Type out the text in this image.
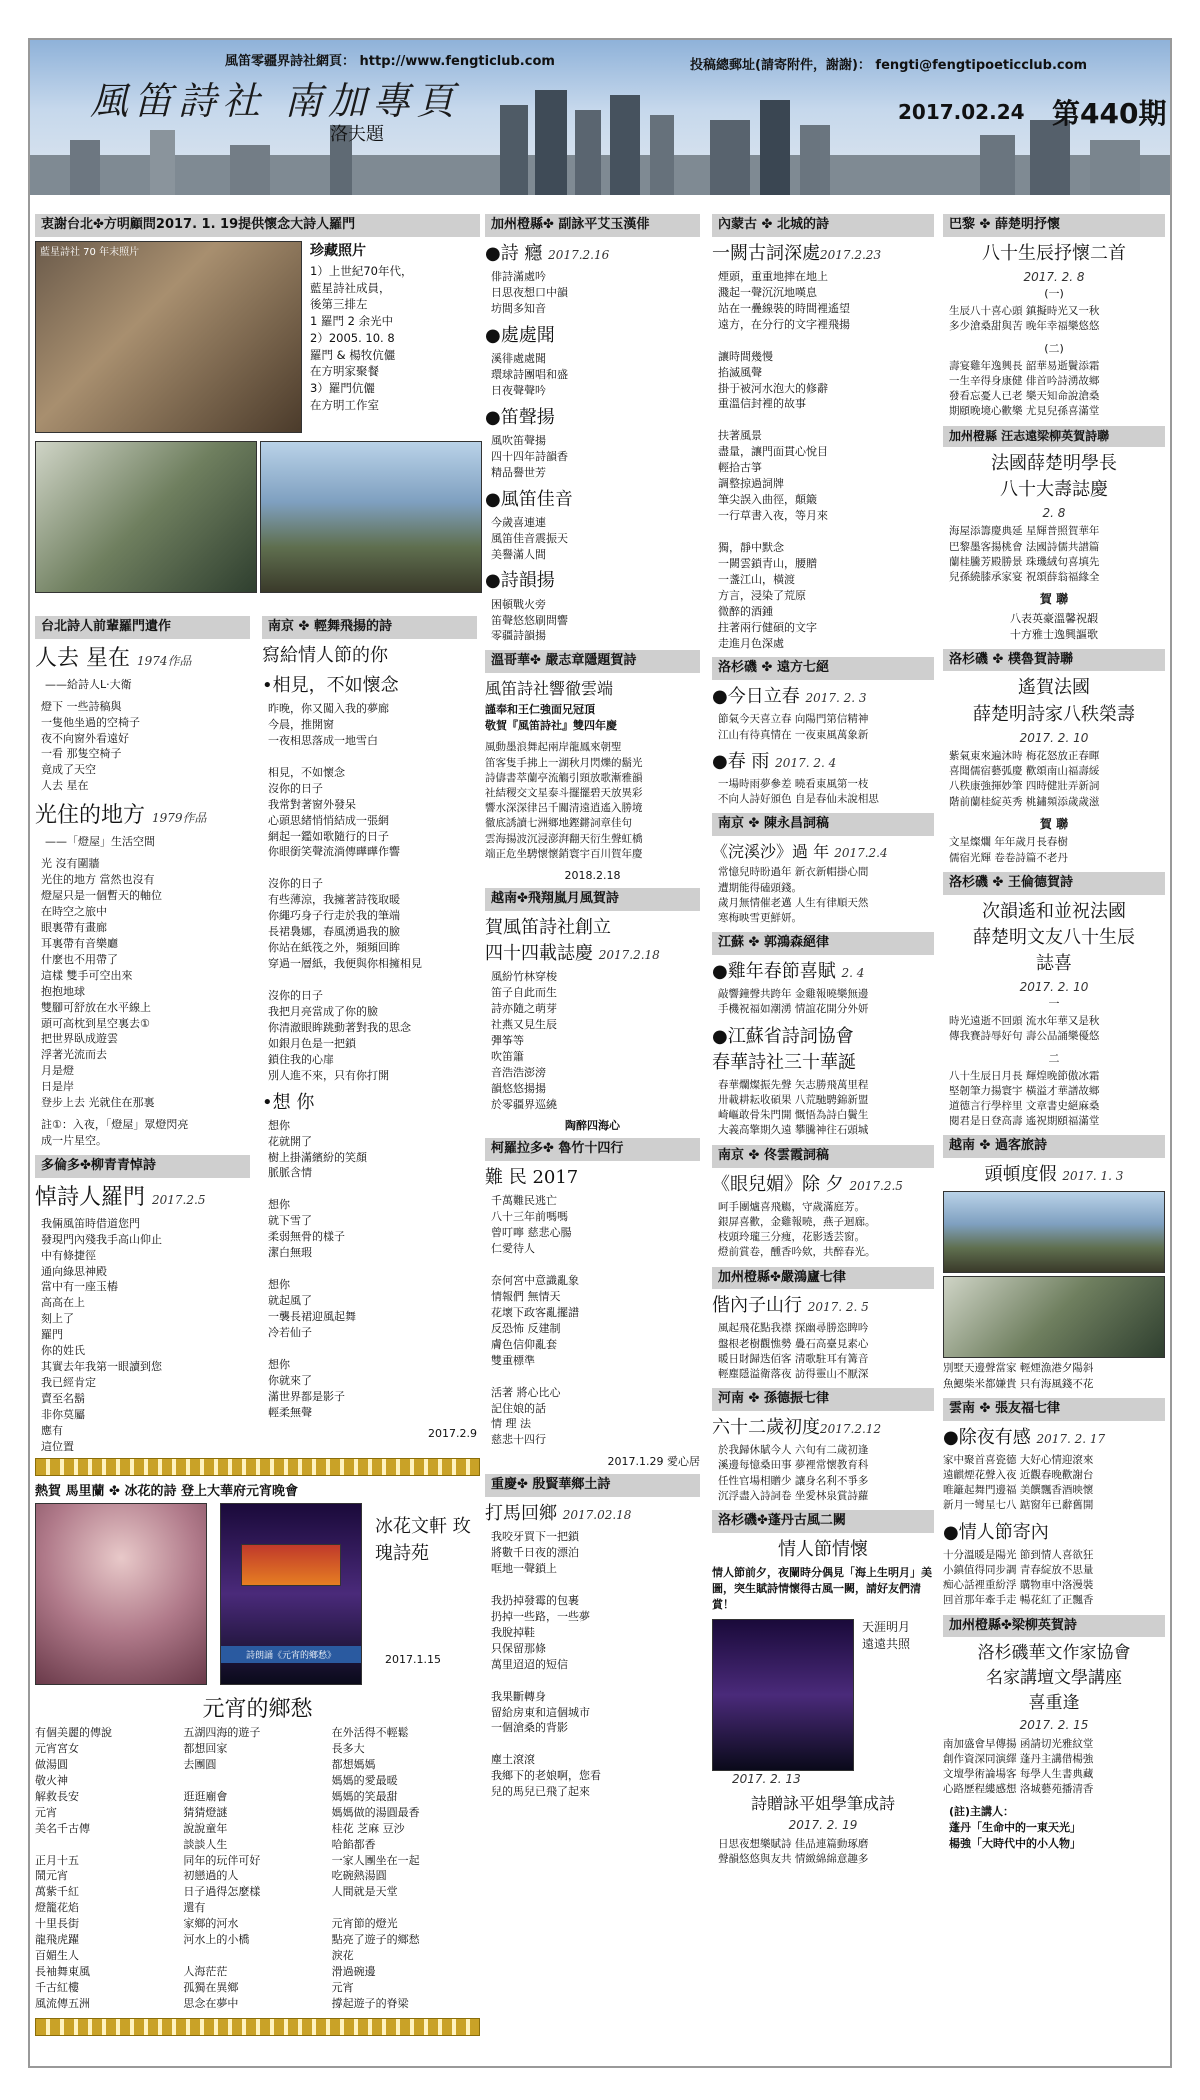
風笛零疆界詩社網頁： http://www.fengticlub.com	投稿總郵址(請寄附件，謝謝)： fengti@fengtipoeticclub.com
風笛詩社 南加專頁
洛夫題
2017.02.24 第440期
衷謝台北✤方明顧問2017. 1. 19提供懷念大詩人羅門
藍星詩社 70 年末照片	珍藏照片
1）上世紀70年代，
藍星詩社成員，
後第三排左
1 羅門 2 余光中
2）2005. 10. 8
羅門 & 楊牧伉儷
在方明家聚餐
3）羅門伉儷
在方明工作室
台北詩人前輩羅門遺作
人去 星在 1974作品
——給詩人L·大衛
燈下 一些詩稿與
一隻他坐過的空椅子
夜不向窗外看遠好
一看 那隻空椅子
竟成了天空
人去 星在
光住的地方 1979作品
——「燈屋」生活空間
光 沒有圍牆
光住的地方 當然也沒有
燈屋只是一個暫天的軸位
在時空之旅中
眼裏帶有畫廊
耳裏帶有音樂廳
什麼也不用帶了
這樣 雙手可空出來
抱抱地球
雙腳可舒放在水平線上
頭可高枕到星空裏去①
把世界臥成遊雲
浮著光流而去
月是燈
日是岸
登步上去 光就住在那裏
註①：入夜，「燈屋」眾燈閃亮
成一片星空。
多倫多✤柳青青悼詩
悼詩人羅門 2017.2.5
我倆風笛時借道您門
發現門內殘我手高山仰止
中有條捷徑
通向綠思神殿
當中有一座玉樁
高高在上
刻上了
羅門
你的姓氏
其實去年我第一眼讀到您
我已經肯定
賣至名鬍
非你莫屬
應有
這位置
南京 ✤ 輕舞飛揚的詩
寫給情人節的你
•相見，不如懷念
昨晚，你又闖入我的夢廊
今晨，推開窗
一夜相思落成一地雪白

相見，不如懷念
沒你的日子
我常對著窗外發呆
心頭思緒悄悄結成一張網
網起一鑑如歌隨行的日子
你眼銜笑聲流淌傳曄曄作響

沒你的日子
有些薄涼，我擁著詩筏取暖
你繩巧身子行走於我的筆端
長裙裊娜，春風湧過我的臉
你站在紙筏之外，頻頻回眸
穿過一層紙，我便與你相擁相見

沒你的日子
我把月亮當成了你的臉
你清澈眼眸跳動著對我的思念
如銀月色是一把鎖
鎖住我的心扉
別人進不來，只有你打開
•想 你
想你
花就開了
樹上掛滿繽紛的笑顏
脈脈含情

想你
就下雪了
柔弱無骨的樣子
潔白無瑕

想你
就起風了
一襲長裙迎風起舞
冷若仙子

想你
你就來了
滿世界都是影子
輕柔無聲
2017.2.9
加州橙縣✤ 副詠平艾玉漢俳
●詩 癮 2017.2.16
俳詩滿處吟
日思夜想口中韻
坊間多知音
●處處聞
溪徘處處聞
環球詩團唱和盛
日夜聲聲吟
●笛聲揚
風吹笛聲揚
四十四年詩韻香
精品譽世芳
●風笛佳音
今歲喜連連
風笛佳音震振天
美譽滿人間
●詩韻揚
困頓戰火旁
笛聲悠悠刷問響
零疆詩韻揚
溫哥華✤ 嚴志章隱題賀詩
風笛詩社響徹雲端
謹奉和王仁強面兄冠頂
敬賀『風笛詩社』雙四年慶
風動墨浪舞起兩岸龍鳳來朝聖
笛客隻手拂上一湖秋月閃爍的鬍光
詩儔書萃蘭亭流觴引頸放歌漸雅韻
社結稷交文星泰斗擺擺碧天放異彩
響水深深律呂千關清遠逍遙入勝境
徹底誘讀七洲鄉地鏗鏘詞章佳句
雲海揚波沉浸澎湃翻天衍生聲虹橋
端正危坐騁懷懷銷寰宇百川賀年慶
2018.2.18
越南✤飛翔嵐月風賀詩
賀風笛詩社創立
四十四載誌慶 2017.2.18
風紛竹林穿梭
笛子自此而生
詩亦隨之萌芽
社燕又見生辰
彈筝等
吹笛簫
音浩浩澎滂
韻悠悠揚揚
於零疆界巡繞
陶醉四海心
柯羅拉多✤ 魯竹十四行
難 民 2017
千萬難民逃亡
八十三年前嗎嗎
曾叮嚀 慈悲心腸
仁愛待人

奈何宮中意識亂象
情報們 無情天
花壞下政客亂擺譜
反恐怖 反建制
膚色信仰亂套
雙重標準

活著 將心比心
記住娘的話
情 理 法
慈悲十四行
2017.1.29 愛心居
重慶✤ 殷賢華鄉土詩
打馬回鄉 2017.02.18
我咬牙買下一把鎖
將數千日夜的漂泊
哐地一聲鎖上

我扔掉發霉的包裹
扔掉一些路，一些夢
我脫掉鞋
只保留那條
萬里迢迢的短信

我果斷轉身
留給房東和這個城市
一個滄桑的背影

塵土滾滾
我鄉下的老娘啊，您看
兒的馬兒已飛了起來
內蒙古 ✤ 北城的詩
一闕古詞深處2017.2.23
煙頭，重重地摔在地上
濺起一聲沉沉地嘆息
站在一疊線裝的時間裡遙望
遠方，在分行的文字裡飛揚

讓時間幾慢
掐滅風聲
掛于被河水泡大的修辭
重溫信封裡的故事

扶著風景
盡量，讓門面貫心悅目
輕拾古箏
調整掠過詞牌
筆尖誤入曲徑，顛簸
一行草書入夜，等月來

獨，靜中默念
一闕雲鎖青山，腰贈
一盞江山，橫渡
方言，浸染了荒原
微醉的酒鍾
拄著兩行健碩的文字
走進月色深處
洛杉磯 ✤ 遠方七絕
●今日立春 2017. 2. 3
節氣今天喜立春 向陽門第信精神
江山有待真情在 一夜東風萬象新
●春 雨 2017. 2. 4
一場時雨夢參差 曉看東風第一枝
不向人詩好頒色 自是春仙未說相思
南京 ✤ 陳永昌詞稿
《浣溪沙》過 年 2017.2.4
常憶兒時盼過年 新衣新帽掛心間
遭期能得磕頭錢。
歲月無情催老邁 人生有律順天然
寒梅映雪更鮮妍。
江蘇 ✤ 郭鴻森絕律
●雞年春節喜賦 2. 4
敲響鐘聲共跨年 金雞報曉樂無邊
手機祝福如潮湧 情誼花開分外妍
●江蘇省詩詞協會
春華詩社三十華誕
春華爛燦振先聲 矢志勝飛萬里程
卅載耕耘收碩果 八荒馳騁錦新盟
崎嶇敢骨朱門開 慨悟為詩白鬢生
大義高擎期久遠 攀騰神往石頭城
南京 ✤ 佟雲霞詞稿
《眼兒媚》除 夕 2017.2.5
呵手團爐喜飛觴，守歲滿庭芳。
銀屏喜歡，金雞報曉，燕子迴廊。
枝頭玲瓏三分痩，花影透芸窗。
燈前賞卷，醺香吟欸，共醉春光。
加州橙縣✤嚴鴻廬七律
偕內子山行 2017. 2. 5
風起飛花點我襟 探幽尋勝恣睥吟
盤根老樹觀憔勢 疊石高臺見素心
暖日財歸迭佰客 清歌駐耳有篝音
輕塵隱溢衛落夜 訪得靈山不厭深
河南 ✤ 孫德振七律
六十二歲初度2017.2.12
於我歸休賦今人 六旬有二歲初逢
溪邊每憶桑田事 夢裡常懷教育科
任性官場相贈少 讓身名利不爭多
沉浮盡入詩詞卷 坐愛林泉賞詩蘿
洛杉磯✤蓬丹古風二闕
情人節情懷
情人節前夕，夜闌時分偶見「海上生明月」美圖，突生賦詩情懷得古風一闕，請好友們清賞！
天涯明月
遠遠共照
2017. 2. 13
詩贈詠平姐學筆成詩
2017. 2. 19
日思夜想樂賦詩 佳品連篇動琢磨
聲韻悠悠與友共 情緻綿綿意趣多
巴黎 ✤ 薛楚明抒懷
八十生辰抒懷二首
2017. 2. 8
(一)
生辰八十喜心頭 鎮擬時光又一秋
多少滄桑甜與苦 晚年幸福樂悠悠
(二)
壽宴雞年逸興長 韶華易逝鬢添霜
一生辛得身康健 俳首吟詩湧故鄉
發看忘憂人已老 樂天知命說滄桑
期頤晚境心歡樂 尤見兒孫喜滿堂
加州橙縣 汪志遠梁柳英賀詩聯
法國薛楚明學長
八十大壽誌慶
2. 8
海屋添籌慶典延 星輝普照賀華年
巴黎墨客揚桃會 法國詩儒共譜篇
蘭桂騰芳殿勝景 珠璣絨句喜填先
兒孫繞膝承家宴 祝頌薛翁福緣全
賀 聯
八表英豪溫馨祝嘏
十方雅士逸興謳歌
洛杉磯 ✤ 樸魯賀詩聯
遙賀法國
薛楚明詩家八秩榮壽
2017. 2. 10
紫氣東來遍沐時 梅花怒放正春暉
喜聞儒宿藝弧慶 歡頌南山福壽綏
八秩康強揮妙筆 四時健壯弄新詞
階前蘭桂綻英秀 桃鏽頻添歲歲滋
賀 聯
文星燦爛 年年歲月長春樹
儒宿光輝 卷卷詩篇不老丹
洛杉磯 ✤ 王倫德賀詩
次韻遙和並祝法國
薛楚明文友八十生辰
誌喜
2017. 2. 10
一
時光遠逝不回頭 流水年華又是秋
傳我賽詩辱好句 壽公品誦樂優悠
二
八十生辰日月長 輝煌晚節傲冰霜
堅韌筆力揚寰宇 橫溢才華譜故鄉
道德言行學梓里 文章書史絕麻桑
閱君是日登高壽 遙祝期頤福滿堂
越南 ✤ 過客旅詩
頭頓度假 2017. 1. 3
別墅天邊聲當家 輕煙漁港夕陽斜
魚鰓柴米都嫌貴 只有海風錢不花
雲南 ✤ 張友福七律
●除夜有感 2017. 2. 17
家中聚首喜瓷德 大好心情迎滾來
遠麒煙花聲入夜 近觀春晚歡謝台
唯籬起舞門邊福 美饌飄香酒映懷
新月一彎星七八 踮窗年已辭舊開
●情人節寄內
十分溫暖是陽光 節到情人喜欲狂
小鎮值得同步調 青春綻放不思量
痴心話裡重紛浮 購物車中洛漫裝
回首那年牽手走 暢花紅了正飄香
加州橙縣✤梁柳英賀詩
洛杉磯華文作家協會
名家講壇文學講座
喜重逢
2017. 2. 15
南加盛會早傳揚 函請切光雅紋堂
創作資深同演繹 蓬丹主講借楊強
文壇學術論場客 每學人生書典藏
心路歷程縷感想 洛城藝苑播清香
(註)主講人：
蓬丹「生命中的一東天光」
楊強「大時代中的小人物」
熱賀 馬里蘭 ✤ 冰花的詩 登上大華府元宵晚會
詩朗誦《元宵的鄉愁》
冰花文軒 玫瑰詩苑
2017.1.15
元宵的鄉愁
有個美麗的傳說
元宵宮女
做湯圓
敬火神
解救長安
元宵
美名千古傳

正月十五
鬧元宵
萬紫千紅
燈籠花焰
十里長街
龍飛虎躍
百媚生人
長袖舞東風
千古紅樓
風流傳五洲
五湖四海的遊子
都想回家
去團圓

逛逛廟會
猜猜燈謎
說說童年
談談人生
同年的玩伴可好
初戀過的人
日子過得怎麼樣
還有
家鄉的河水
河水上的小橋

人海茫茫
孤獨在異鄉
思念在夢中
在外活得不輕鬆
長多大
都想媽媽
媽媽的愛最暖
媽媽的笑最甜
媽媽做的湯圓最香
桂花 芝麻 豆沙
哈餡都香
一家人團坐在一起
吃碗熱湯圓
人間就是天堂

元宵節的燈光
點亮了遊子的鄉愁
淚花
滑過碗邊
元宵
撐起遊子的脊梁
